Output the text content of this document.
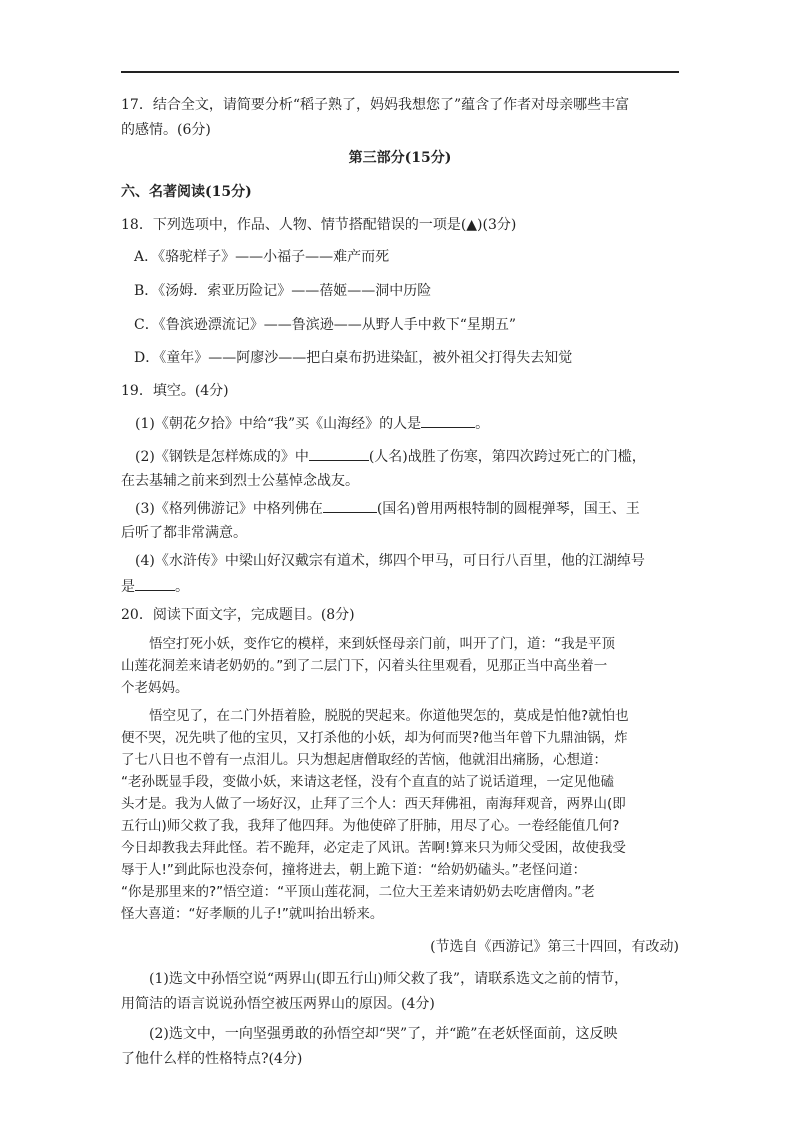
17．结合全文，请简要分析“稻子熟了，妈妈我想您了”蕴含了作者对母亲哪些丰富

的感情。(6分)

第三部分(15分)

六、名著阅读(15分)

18．下列选项中，作品、人物、情节搭配错误的一项是(▲)(3分)

A．《骆驼样子》——小福子——难产而死

B．《汤姆．索亚历险记》——蓓姬——洞中历险

C．《鲁滨逊漂流记》——鲁滨逊——从野人手中救下“星期五”

D．《童年》——阿廖沙——把白桌布扔进染缸，被外祖父打得失去知觉

19．填空。(4分)

(1)《朝花夕拾》中给“我”买《山海经》的人是	。

(2)《钢铁是怎样炼成的》中	(人名)战胜了伤寒，第四次跨过死亡的门槛，

在去基辅之前来到烈士公墓悼念战友。

(3)《格列佛游记》中格列佛在	(国名)曾用两根特制的圆棍弹琴，国王、王

后听了都非常满意。

(4)《水浒传》中梁山好汉戴宗有道术，绑四个甲马，可日行八百里，他的江湖绰号

是	。

20．阅读下面文字，完成题目。(8分)

悟空打死小妖，变作它的模样，来到妖怪母亲门前，叫开了门，道：“我是平顶

山莲花洞差来请老奶奶的。”到了二层门下，闪着头往里观看，见那正当中高坐着一

个老妈妈。

悟空见了，在二门外捂着脸，脱脱的哭起来。你道他哭怎的，莫成是怕他?就怕也

便不哭，况先哄了他的宝贝，又打杀他的小妖，却为何而哭?他当年曾下九鼎油锅，炸

了七八日也不曾有一点泪儿。只为想起唐僧取经的苦恼，他就泪出痛肠，心想道：

“老孙既显手段，变做小妖，来请这老怪，没有个直直的站了说话道理，一定见他磕

头才是。我为人做了一场好汉，止拜了三个人：西天拜佛祖，南海拜观音，两界山(即

五行山)师父救了我，我拜了他四拜。为他使碎了肝肺，用尽了心。一卷经能值几何?

今日却教我去拜此怪。若不跪拜，必定走了风讯。苦啊!算来只为师父受困，故使我受

辱于人!”到此际也没奈何，撞将进去，朝上跪下道：“给奶奶磕头。”老怪问道：

“你是那里来的?”悟空道：“平顶山莲花洞，二位大王差来请奶奶去吃唐僧肉。”老

怪大喜道：“好孝顺的儿子!”就叫抬出轿来。

(节选自《西游记》第三十四回，有改动)

(1)选文中孙悟空说“两界山(即五行山)师父救了我”，请联系选文之前的情节，

用简洁的语言说说孙悟空被压两界山的原因。(4分)

(2)选文中，一向坚强勇敢的孙悟空却“哭”了，并“跪”在老妖怪面前，这反映

了他什么样的性格特点?(4分)
